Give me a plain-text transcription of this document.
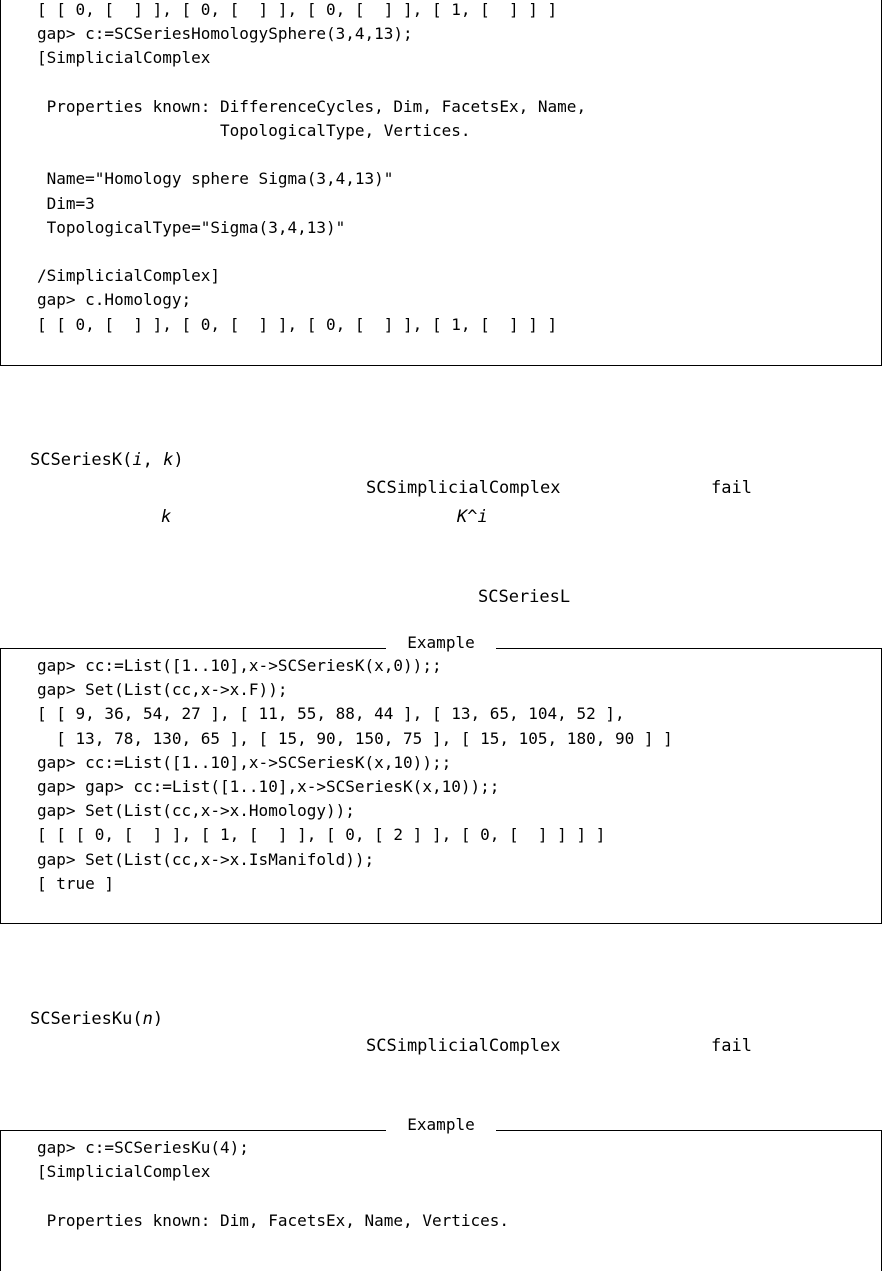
[ [ 0, [  ] ], [ 0, [  ] ], [ 0, [  ] ], [ 1, [  ] ] ]
gap> c:=SCSeriesHomologySphere(3,4,13);
[SimplicialComplex

Properties known: DifferenceCycles, Dim, FacetsEx, Name,
TopologicalType, Vertices.

Name="Homology sphere Sigma(3,4,13)"
Dim=3
TopologicalType="Sigma(3,4,13)"

/SimplicialComplex]
gap> c.Homology;
[ [ 0, [  ] ], [ 0, [  ] ], [ 0, [  ] ], [ 1, [  ] ] ]
SCSeriesK(i, k)
SCSimplicialComplex	fail
k	K^i
SCSeriesL
Example
gap> cc:=List([1..10],x->SCSeriesK(x,0));;
gap> Set(List(cc,x->x.F));
[ [ 9, 36, 54, 27 ], [ 11, 55, 88, 44 ], [ 13, 65, 104, 52 ],
[ 13, 78, 130, 65 ], [ 15, 90, 150, 75 ], [ 15, 105, 180, 90 ] ]
gap> cc:=List([1..10],x->SCSeriesK(x,10));;
gap> gap> cc:=List([1..10],x->SCSeriesK(x,10));;
gap> Set(List(cc,x->x.Homology));
[ [ [ 0, [  ] ], [ 1, [  ] ], [ 0, [ 2 ] ], [ 0, [  ] ] ] ]
gap> Set(List(cc,x->x.IsManifold));
[ true ]
SCSeriesKu(n)
SCSimplicialComplex	fail
Example
gap> c:=SCSeriesKu(4);
[SimplicialComplex

Properties known: Dim, FacetsEx, Name, Vertices.
